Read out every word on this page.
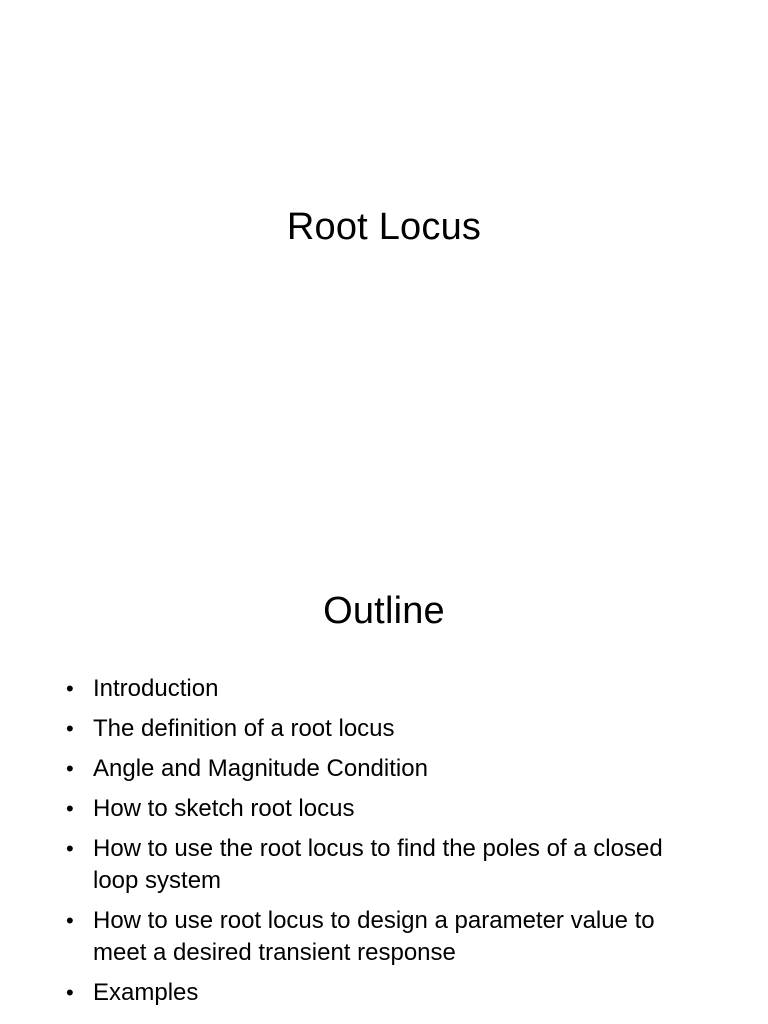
Root Locus
Outline
• Introduction
• The definition of a root locus
• Angle and Magnitude Condition
• How to sketch root locus
• How to use the root locus to find the poles of a closed loop system
• How to use root locus to design a parameter value to meet a desired transient response
• Examples
